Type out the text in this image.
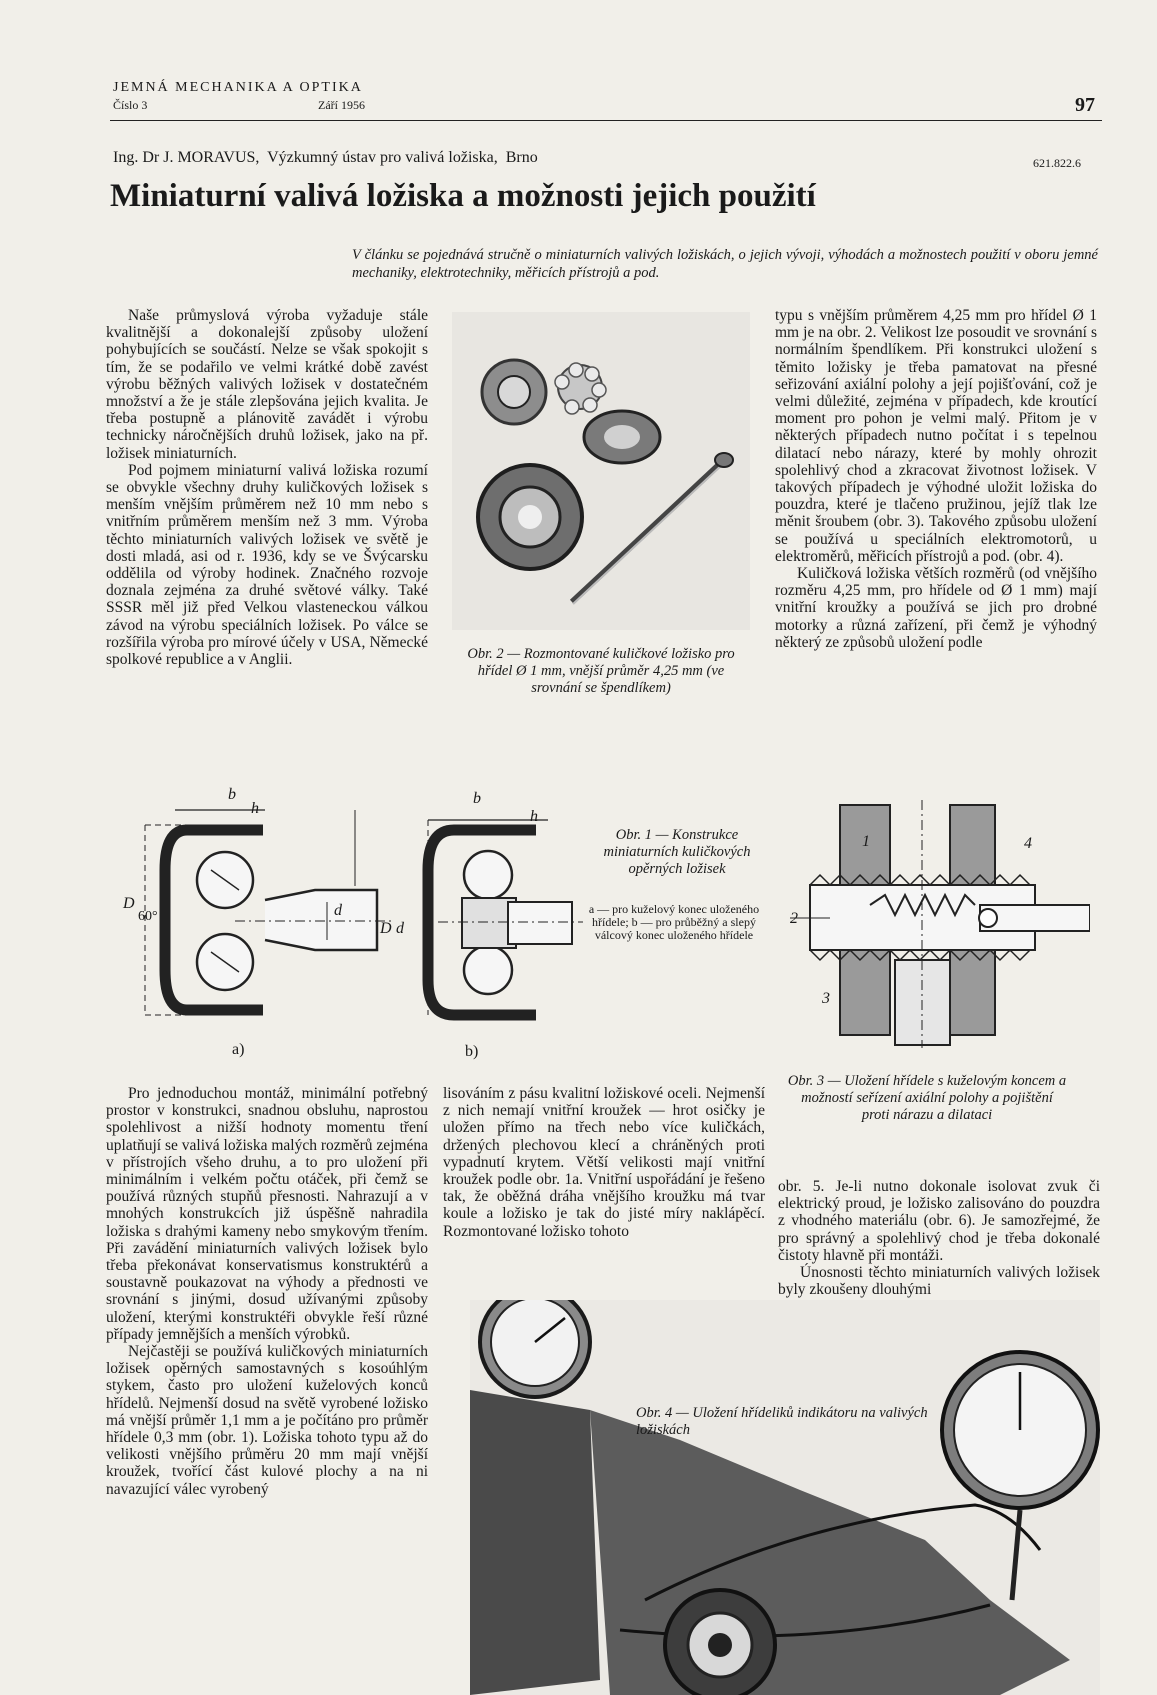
JEMNÁ MECHANIKA A OPTIKA
Číslo 3	Září 1956	97
Ing. Dr J. MORAVUS,  Výzkumný ústav pro valivá ložiska,  Brno	621.822.6
Miniaturní valivá ložiska a možnosti jejich použití
V článku se pojednává stručně o miniaturních valivých ložiskách, o jejich vývoji, výhodách a možnostech použití v oboru jemné mechaniky, elektrotechniky, měřicích přístrojů a pod.

Naše průmyslová výroba vyžaduje stále kvalitnější a dokonalejší způsoby uložení pohybujících se součástí. Nelze se však spokojit s tím, že se podařilo ve velmi krátké době zavést výrobu běžných valivých ložisek v dostatečném množství a že je stále zlepšována jejich kvalita. Je třeba postupně a plánovitě zavádět i výrobu technicky náročnějších druhů ložisek, jako na př. ložisek miniaturních.

Pod pojmem miniaturní valivá ložiska rozumí se obvykle všechny druhy kuličkových ložisek s menším vnějším průměrem než 10 mm nebo s vnitřním průměrem menším než 3 mm. Výroba těchto miniaturních valivých ložisek ve světě je dosti mladá, asi od r. 1936, kdy se ve Švýcarsku oddělila od výroby hodinek. Značného rozvoje doznala zejména za druhé světové války. Také SSSR měl již před Velkou vlasteneckou válkou závod na výrobu speciálních ložisek. Po válce se rozšířila výroba pro mírové účely v USA, Německé spolkové republice a v Anglii.	Obr. 2 — Rozmontované kuličkové ložisko pro hřídel Ø 1 mm, vnější průměr 4,25 mm (ve srovnání se špendlíkem)

typu s vnějším průměrem 4,25 mm pro hřídel Ø 1 mm je na obr. 2. Velikost lze posoudit ve srovnání s normálním špendlíkem. Při konstrukci uložení s těmito ložisky je třeba pamatovat na přesné seřizování axiální polohy a její pojišťování, což je velmi důležité, zejména v případech, kde kroutící moment pro pohon je velmi malý. Přitom je v některých případech nutno počítat i s tepelnou dilatací nebo nárazy, které by mohly ohrozit spolehlivý chod a zkracovat životnost ložisek. V takových případech je výhodné uložit ložiska do pouzdra, které je tlačeno pružinou, jejíž tlak lze měnit šroubem (obr. 3). Takového způsobu uložení se používá u speciálních elektromotorů, u elektroměrů, měřicích přístrojů a pod. (obr. 4).

Kuličková ložiska větších rozměrů (od vnějšího rozměru 4,25 mm, pro hřídele od Ø 1 mm) mají vnitřní kroužky a používá se jich pro drobné motorky a různá zařízení, při čemž je výhodný některý ze způsobů uložení podle

b
h
D
60°	d
a)
b
h
D d
b)
Obr. 1 — Konstrukce miniaturních kuličkových opěrných ložisek
a — pro kuželový konec uloženého hřídele; b — pro průběžný a slepý válcový konec uloženého hřídele
1
2
3
4
Obr. 3 — Uložení hřídele s kuželovým koncem a možností seřízení axiální polohy a pojištění proti nárazu a dilataci

Pro jednoduchou montáž, minimální potřebný prostor v konstrukci, snadnou obsluhu, naprostou spolehlivost a nižší hodnoty momentu tření uplatňují se valivá ložiska malých rozměrů zejména v přístrojích všeho druhu, a to pro uložení při minimálním i velkém počtu otáček, při čemž se používá různých stupňů přesnosti. Nahrazují a v mnohých konstrukcích již úspěšně nahradila ložiska s drahými kameny nebo smykovým třením. Při zavádění miniaturních valivých ložisek bylo třeba překonávat konservatismus konstruktérů a soustavně poukazovat na výhody a přednosti ve srovnání s jinými, dosud užívanými způsoby uložení, kterými konstruktéři obvykle řeší různé případy jemnějších a menších výrobků.

Nejčastěji se používá kuličkových miniaturních ložisek opěrných samostavných s kosoúhlým stykem, často pro uložení kuželových konců hřídelů. Nejmenší dosud na světě vyrobené ložisko má vnější průměr 1,1 mm a je počítáno pro průměr hřídele 0,3 mm (obr. 1). Ložiska tohoto typu až do velikosti vnějšího průměru 20 mm mají vnější kroužek, tvořící část kulové plochy a na ni navazující válec vyrobený

lisováním z pásu kvalitní ložiskové oceli. Nejmenší z nich nemají vnitřní kroužek — hrot osičky je uložen přímo na třech nebo více kuličkách, držených plechovou klecí a chráněných proti vypadnutí krytem. Větší velikosti mají vnitřní kroužek podle obr. 1a. Vnitřní uspořádání je řešeno tak, že oběžná dráha vnějšího kroužku má tvar koule a ložisko je tak do jisté míry naklápěcí. Rozmontované ložisko tohoto

obr. 5. Je-li nutno dokonale isolovat zvuk či elektrický proud, je ložisko zalisováno do pouzdra z vhodného materiálu (obr. 6). Je samozřejmé, že pro správný a spolehlivý chod je třeba dokonalé čistoty hlavně při montáži.

Únosnosti těchto miniaturních valivých ložisek byly zkoušeny dlouhými

Obr. 4 — Uložení hřídeliků indikátoru na valivých ložiskách
